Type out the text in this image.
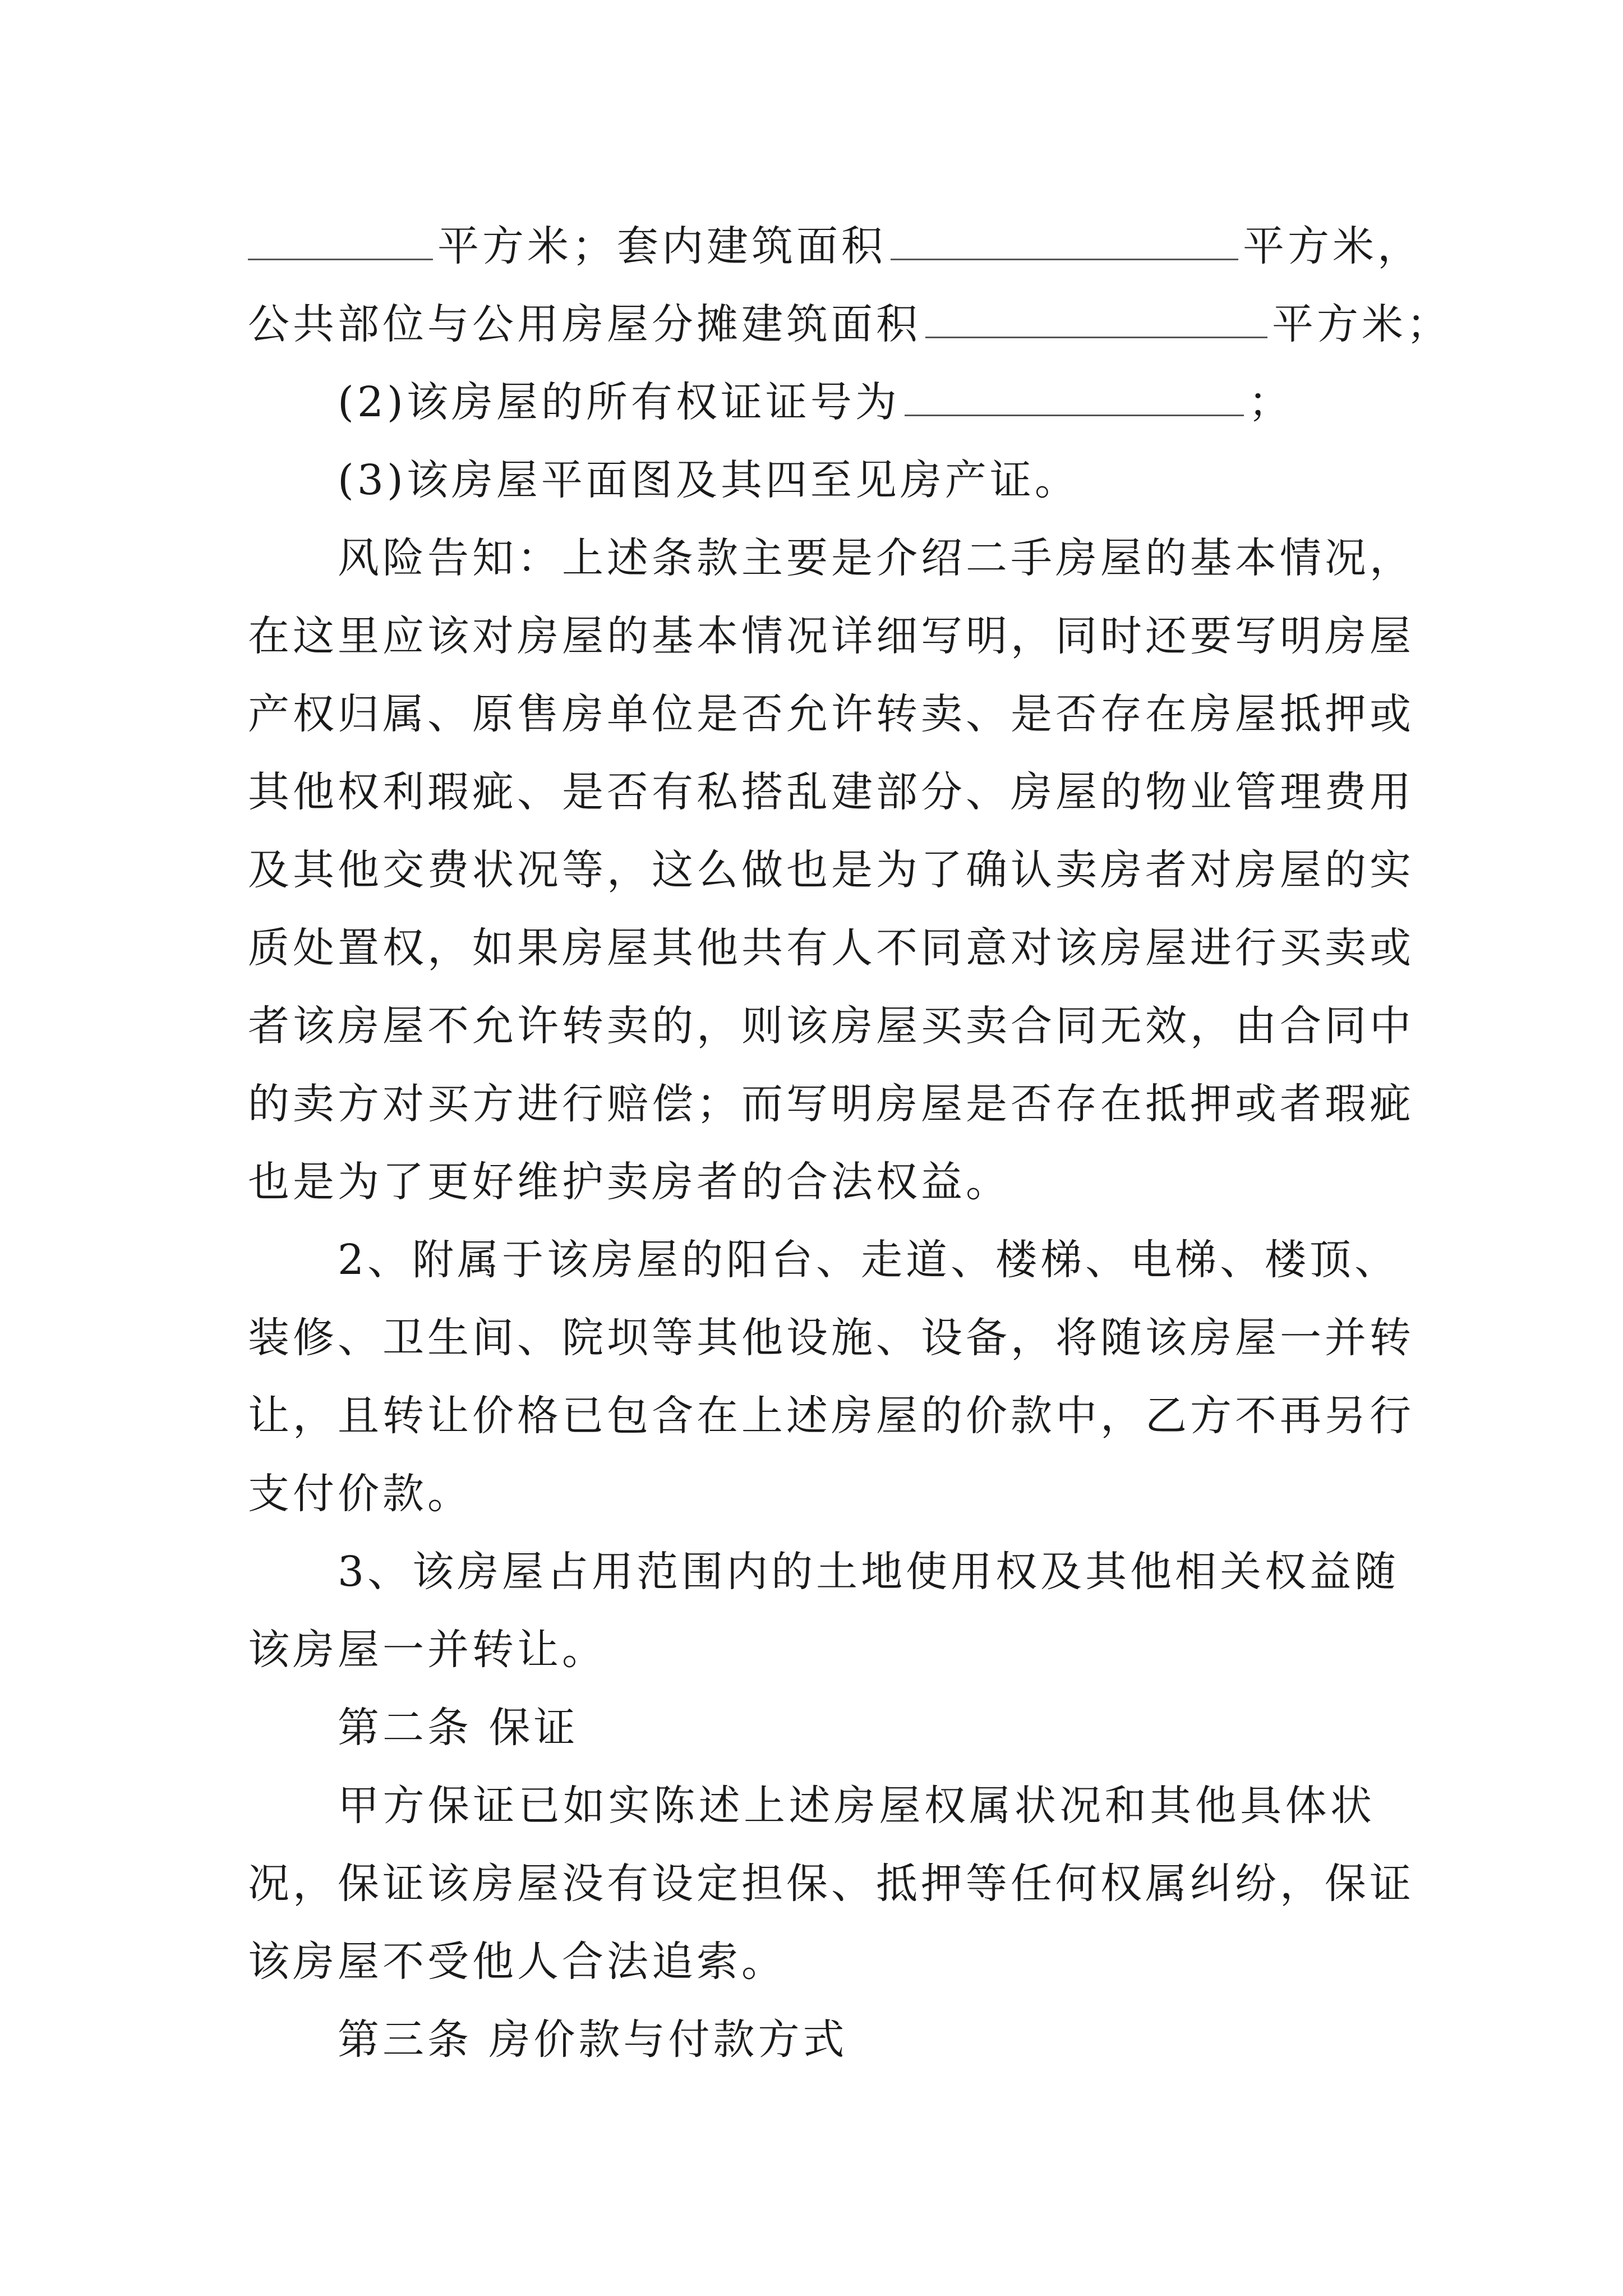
平方米；套内建筑面积	平方米，
公共部位与公用房屋分摊建筑面积	平方米；
(2)该房屋的所有权证证号为	；
(3)该房屋平面图及其四至见房产证。
风险告知：上述条款主要是介绍二手房屋的基本情况，
在这里应该对房屋的基本情况详细写明，同时还要写明房屋
产权归属、原售房单位是否允许转卖、是否存在房屋抵押或
其他权利瑕疵、是否有私搭乱建部分、房屋的物业管理费用
及其他交费状况等，这么做也是为了确认卖房者对房屋的实
质处置权，如果房屋其他共有人不同意对该房屋进行买卖或
者该房屋不允许转卖的，则该房屋买卖合同无效，由合同中
的卖方对买方进行赔偿；而写明房屋是否存在抵押或者瑕疵
也是为了更好维护卖房者的合法权益。
2、附属于该房屋的阳台、走道、楼梯、电梯、楼顶、
装修、卫生间、院坝等其他设施、设备，将随该房屋一并转
让，且转让价格已包含在上述房屋的价款中，乙方不再另行
支付价款。
3、该房屋占用范围内的土地使用权及其他相关权益随
该房屋一并转让。
第二条 保证
甲方保证已如实陈述上述房屋权属状况和其他具体状
况，保证该房屋没有设定担保、抵押等任何权属纠纷，保证
该房屋不受他人合法追索。
第三条 房价款与付款方式
